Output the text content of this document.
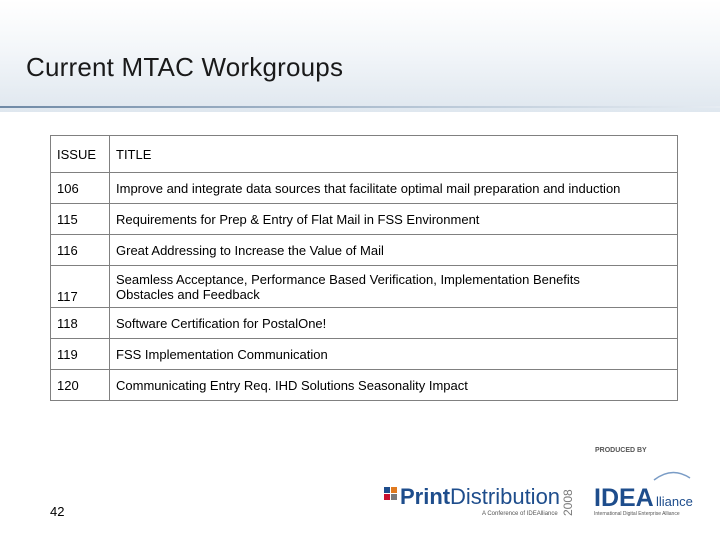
Current MTAC Workgroups
ISSUE	TITLE
106	Improve and integrate data sources that facilitate optimal mail preparation and induction
115	Requirements for Prep & Entry of Flat Mail in FSS Environment
116	Great Addressing to Increase the Value of Mail
117	Seamless Acceptance, Performance Based Verification, Implementation Benefits
Obstacles and Feedback

118	Software Certification for PostalOne!
119	FSS Implementation Communication
120	Communicating Entry Req. IHD Solutions Seasonality Impact
42
Print Distribution
A Conference of IDEAlliance 2008
PRODUCED BY
IDEA lliance
International Digital Enterprise Alliance
